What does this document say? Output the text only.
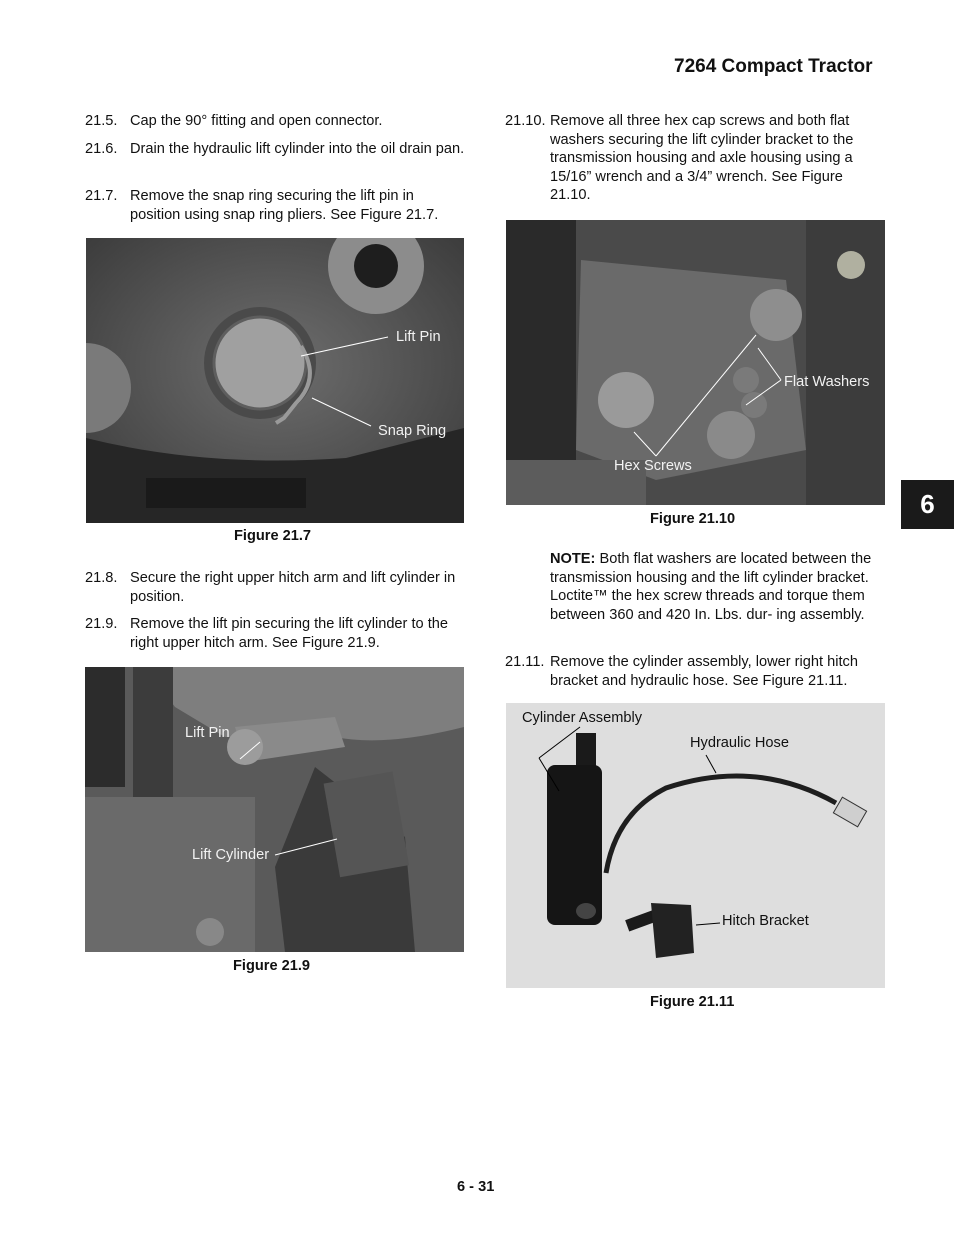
7264 Compact Tractor
6
21.5. Cap the 90° fitting and open connector.
21.6. Drain the hydraulic lift cylinder into the oil drain pan.
21.7. Remove the snap ring securing the lift pin in position using snap ring pliers. See Figure 21.7.
Lift Pin
Snap Ring
Figure 21.7
21.8. Secure the right upper hitch arm and lift cylinder in position.
21.9. Remove the lift pin securing the lift cylinder to the right upper hitch arm. See Figure 21.9.
Lift Pin
Lift Cylinder
Figure 21.9
21.10. Remove all three hex cap screws and both flat washers securing the lift cylinder bracket to the transmission housing and axle housing using a 15/16” wrench and a 3/4” wrench. See Figure 21.10.
Flat Washers
Hex Screws
Figure 21.10
NOTE: Both flat washers are located between the transmission housing and the lift cylinder bracket. Loctite™ the hex screw threads and torque them between 360 and 420 In. Lbs. dur- ing assembly.
21.11. Remove the cylinder assembly, lower right hitch bracket and hydraulic hose. See Figure 21.11.
Cylinder Assembly
Hydraulic Hose
Hitch Bracket
Figure 21.11
6 - 31
